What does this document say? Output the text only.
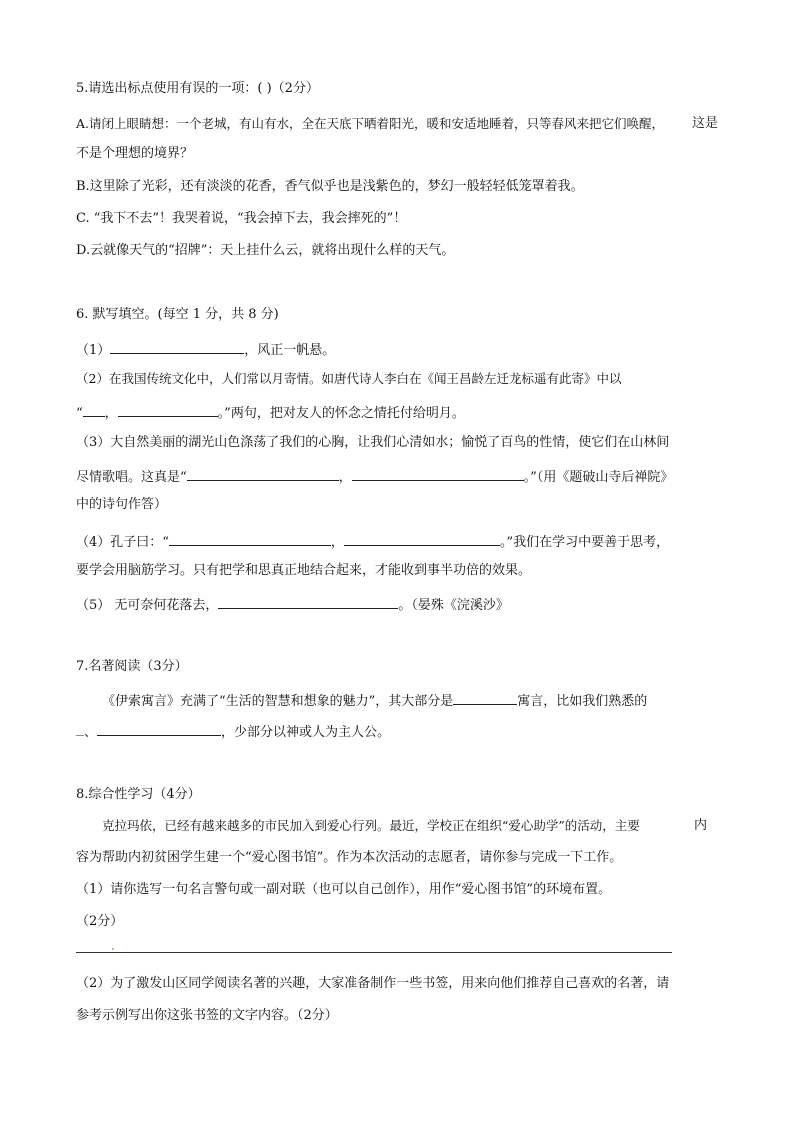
5.请选出标点使用有误的一项：( )（2分）
A.请闭上眼睛想：一个老城，有山有水，全在天底下晒着阳光，暖和安适地睡着，只等春风来把它们唤醒， 这是
不是个理想的境界？
B.这里除了光彩，还有淡淡的花香，香气似乎也是浅紫色的，梦幻一般轻轻低笼罩着我。
C. “我下不去”！我哭着说，“我会掉下去，我会摔死的”！
D.云就像天气的“招牌”：天上挂什么云，就将出现什么样的天气。
6. 默写填空。(每空 1 分，共 8 分)
（1）	，风正一帆悬。
（2）在我国传统文化中，人们常以月寄情。如唐代诗人李白在《闻王昌龄左迁龙标遥有此寄》中以
“ ，	。”两句，把对友人的怀念之情托付给明月。
（3）大自然美丽的湖光山色涤荡了我们的心胸，让我们心清如水；愉悦了百鸟的性情，使它们在山林间
尽情歌唱。这真是“	，	。”（用《题破山寺后禅院》
中的诗句作答）
（4）孔子曰：“	，	。”我们在学习中要善于思考，
要学会用脑筋学习。只有把学和思真正地结合起来，才能收到事半功倍的效果。
（5） 无可奈何花落去，	。（晏殊《浣溪沙》
7.名著阅读（3分）
《伊索寓言》充满了“生活的智慧和想象的魅力”，其大部分是	寓言，比如我们熟悉的
、	，少部分以神或人为主人公。
8.综合性学习（4分）
克拉玛依，已经有越来越多的市民加入到爱心行列。最近，学校正在组织“爱心助学”的活动，主要	内
容为帮助内初贫困学生建一个“爱心图书馆”。作为本次活动的志愿者，请你参与完成一下工作。
（1）请你选写一句名言警句或一副对联（也可以自己创作），用作“爱心图书馆”的环境布置。
（2分）
（2）为了激发山区同学阅读名著的兴趣，大家准备制作一些书签，用来向他们推荐自己喜欢的名著，请
参考示例写出你这张书签的文字内容。（2分）
